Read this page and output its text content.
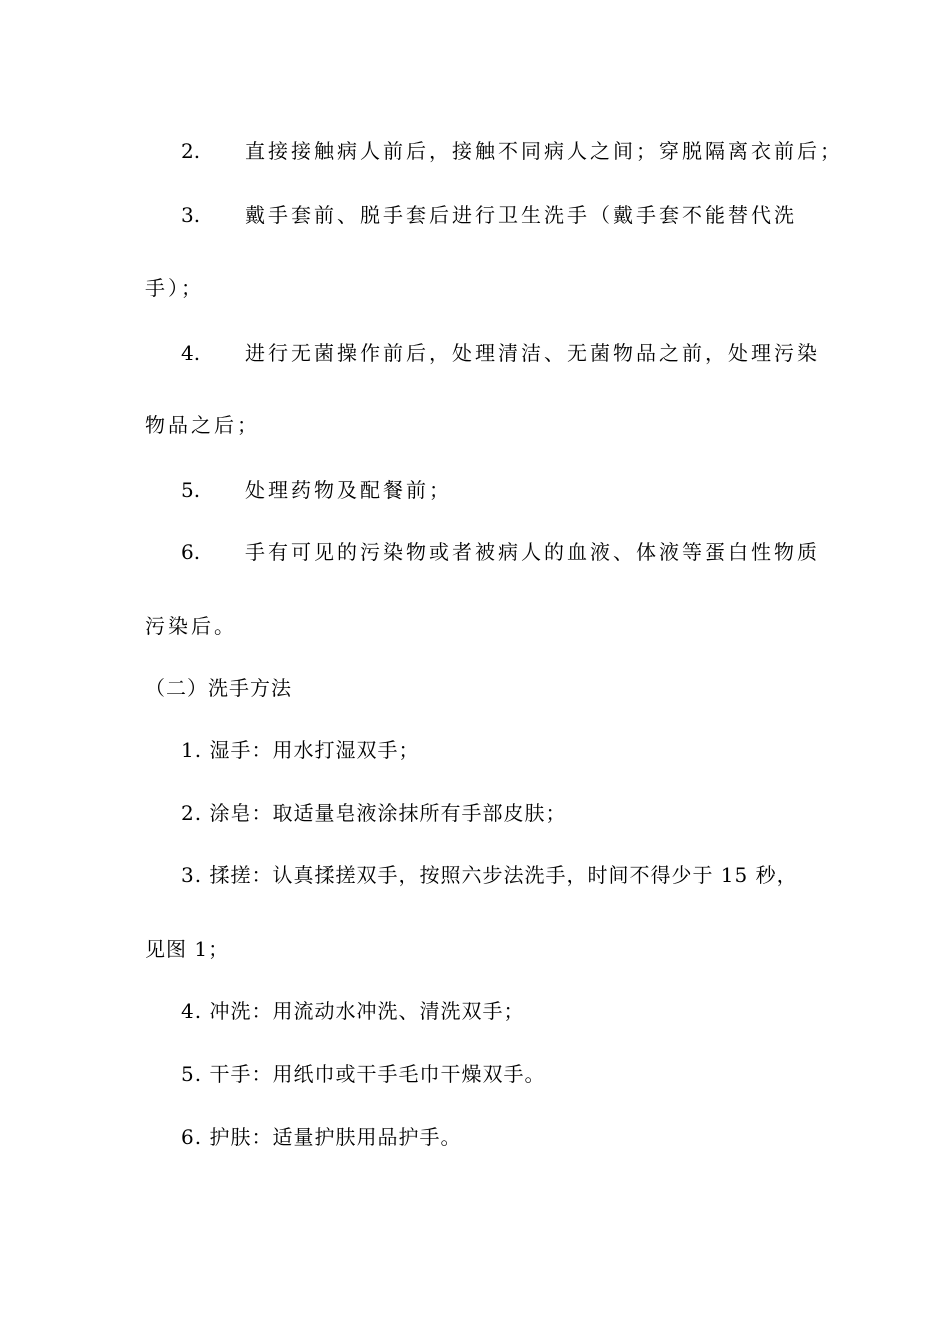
2. 直接接触病人前后，接触不同病人之间；穿脱隔离衣前后；
3. 戴手套前、脱手套后进行卫生洗手（戴手套不能替代洗
手）；
4. 进行无菌操作前后，处理清洁、无菌物品之前，处理污染
物品之后；
5. 处理药物及配餐前；
6. 手有可见的污染物或者被病人的血液、体液等蛋白性物质
污染后。
（二）洗手方法
1. 湿手：用水打湿双手；
2. 涂皂：取适量皂液涂抹所有手部皮肤；
3. 揉搓：认真揉搓双手，按照六步法洗手，时间不得少于 15 秒，
见图 1；
4. 冲洗：用流动水冲洗、清洗双手；
5. 干手：用纸巾或干手毛巾干燥双手。
6. 护肤：适量护肤用品护手。
